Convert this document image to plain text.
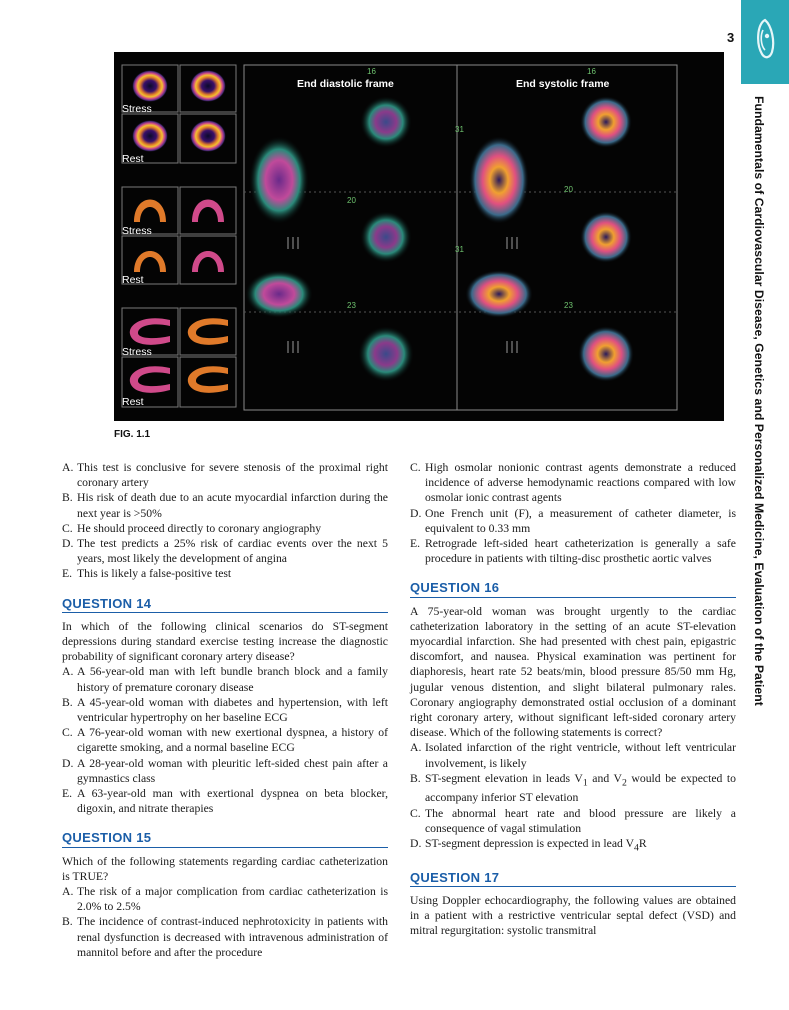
3
Fundamentals of Cardiovascular Disease, Genetics and Personalized Medicine, Evaluation of the Patient
Stress
Rest
Stress
Rest
Stress
Rest
End diastolic frame	End systolic frame
16	16
31
20
31
20
23	23
FIG. 1.1
A. This test is conclusive for severe stenosis of the proximal right coronary artery
B. His risk of death due to an acute myocardial infarction during the next year is >50%
C. He should proceed directly to coronary angiography
D. The test predicts a 25% risk of cardiac events over the next 5 years, most likely the development of angina
E. This is likely a false-positive test
QUESTION 14
In which of the following clinical scenarios do ST-segment depressions during standard exercise testing increase the diagnostic probability of significant coronary artery disease?
A. A 56-year-old man with left bundle branch block and a family history of premature coronary disease
B. A 45-year-old woman with diabetes and hypertension, with left ventricular hypertrophy on her baseline ECG
C. A 76-year-old woman with new exertional dyspnea, a history of cigarette smoking, and a normal baseline ECG
D. A 28-year-old woman with pleuritic left-sided chest pain after a gymnastics class
E. A 63-year-old man with exertional dyspnea on beta blocker, digoxin, and nitrate therapies
QUESTION 15
Which of the following statements regarding cardiac catheterization is TRUE?
A. The risk of a major complication from cardiac catheterization is 2.0% to 2.5%
B. The incidence of contrast-induced nephrotoxicity in patients with renal dysfunction is decreased with intravenous administration of mannitol before and after the procedure
C. High osmolar nonionic contrast agents demonstrate a reduced incidence of adverse hemodynamic reactions compared with low osmolar ionic contrast agents
D. One French unit (F), a measurement of catheter diameter, is equivalent to 0.33 mm
E. Retrograde left-sided heart catheterization is generally a safe procedure in patients with tilting-disc prosthetic aortic valves
QUESTION 16
A 75-year-old woman was brought urgently to the cardiac catheterization laboratory in the setting of an acute ST-elevation myocardial infarction. She had presented with chest pain, epigastric discomfort, and nausea. Physical examination was pertinent for diaphoresis, heart rate 52 beats/min, blood pressure 85/50 mm Hg, jugular venous distention, and slight bilateral pulmonary rales. Coronary angiography demonstrated ostial occlusion of a dominant right coronary artery, without significant left-sided coronary artery disease. Which of the following statements is correct?
A. Isolated infarction of the right ventricle, without left ventricular involvement, is likely
B. ST-segment elevation in leads $V_1$ and $V_2$ would be expected to accompany inferior ST elevation
C. The abnormal heart rate and blood pressure are likely a consequence of vagal stimulation
D. ST-segment depression is expected in lead $V_4R$
QUESTION 17
Using Doppler echocardiography, the following values are obtained in a patient with a restrictive ventricular septal defect (VSD) and mitral regurgitation: systolic transmitral
